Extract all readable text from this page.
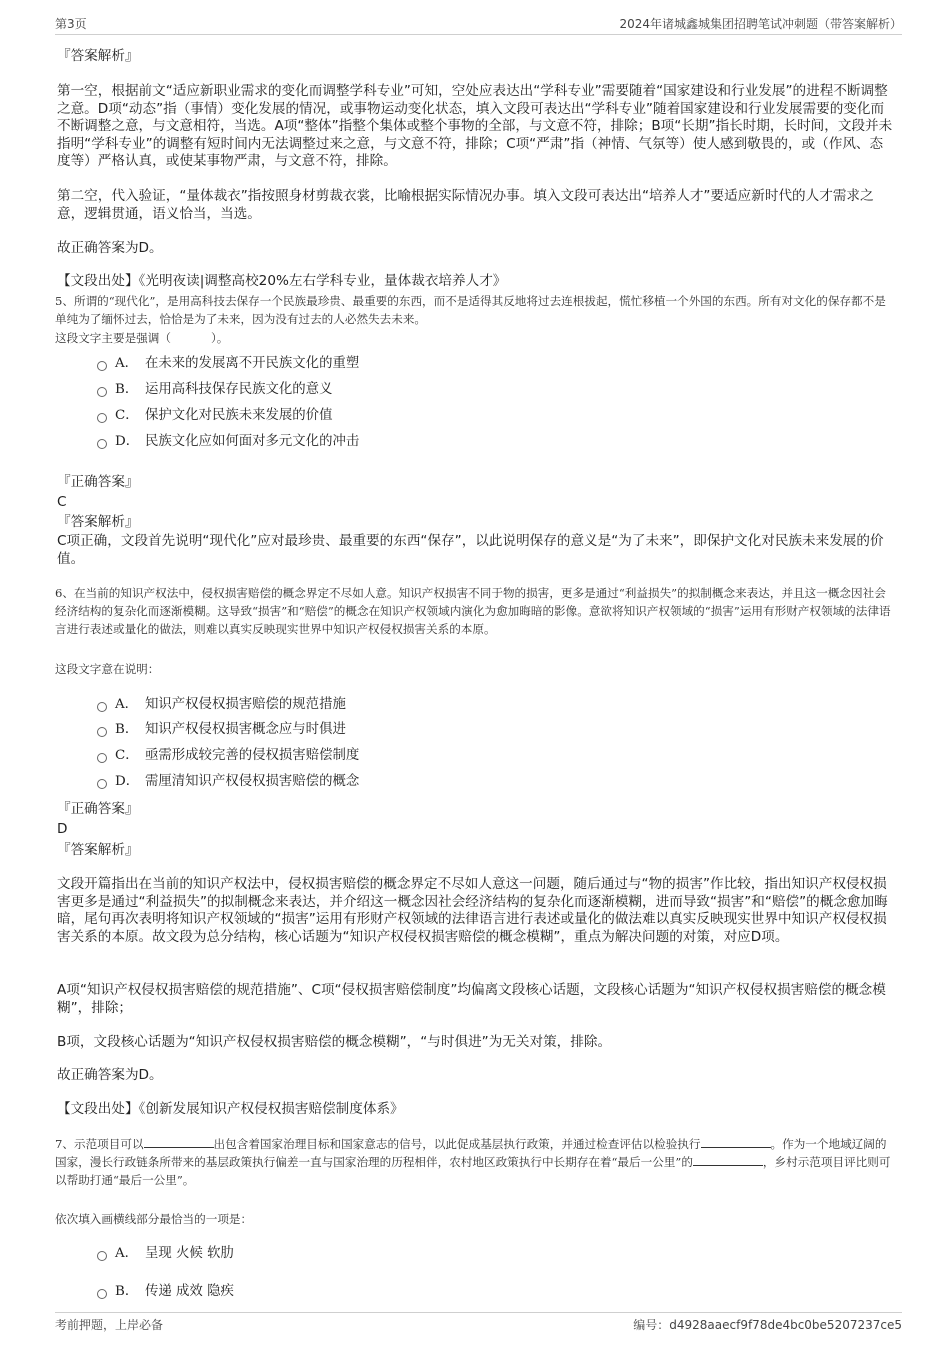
第3页	2024年诸城鑫城集团招聘笔试冲刺题（带答案解析）
『答案解析』
第一空，根据前文“适应新职业需求的变化而调整学科专业”可知，空处应表达出“学科专业”需要随着“国家建设和行业发展”的进程不断调整之意。D项“动态”指（事情）变化发展的情况，或事物运动变化状态，填入文段可表达出“学科专业”随着国家建设和行业发展需要的变化而不断调整之意，与文意相符，当选。A项“整体”指整个集体或整个事物的全部，与文意不符，排除；B项“长期”指长时期，长时间，文段并未指明“学科专业”的调整有短时间内无法调整过来之意，与文意不符，排除；C项“严肃”指（神情、气氛等）使人感到敬畏的，或（作风、态度等）严格认真，或使某事物严肃，与文意不符，排除。
第二空，代入验证，“量体裁衣”指按照身材剪裁衣裳，比喻根据实际情况办事。填入文段可表达出“培养人才”要适应新时代的人才需求之意，逻辑贯通，语义恰当，当选。
故正确答案为D。
【文段出处】《光明夜读|调整高校20%左右学科专业，量体裁衣培养人才》
5、所谓的“现代化”，是用高科技去保存一个民族最珍贵、最重要的东西，而不是适得其反地将过去连根拔起，慌忙移植一个外国的东西。所有对文化的保存都不是单纯为了缅怀过去，恰恰是为了未来，因为没有过去的人必然失去未来。
这段文字主要是强调（	）。
A． 在未来的发展离不开民族文化的重塑
B． 运用高科技保存民族文化的意义
C． 保护文化对民族未来发展的价值
D． 民族文化应如何面对多元文化的冲击
『正确答案』
C
『答案解析』
C项正确，文段首先说明“现代化”应对最珍贵、最重要的东西“保存”，以此说明保存的意义是“为了未来”，即保护文化对民族未来发展的价值。
6、在当前的知识产权法中，侵权损害赔偿的概念界定不尽如人意。知识产权损害不同于物的损害，更多是通过“利益损失”的拟制概念来表达，并且这一概念因社会经济结构的复杂化而逐渐模糊。这导致“损害”和“赔偿”的概念在知识产权领域内演化为愈加晦暗的影像。意欲将知识产权领域的“损害”运用有形财产权领域的法律语言进行表述或量化的做法，则难以真实反映现实世界中知识产权侵权损害关系的本原。
这段文字意在说明：
A． 知识产权侵权损害赔偿的规范措施
B． 知识产权侵权损害概念应与时俱进
C． 亟需形成较完善的侵权损害赔偿制度
D． 需厘清知识产权侵权损害赔偿的概念
『正确答案』
D
『答案解析』
文段开篇指出在当前的知识产权法中，侵权损害赔偿的概念界定不尽如人意这一问题，随后通过与“物的损害”作比较，指出知识产权侵权损害更多是通过“利益损失”的拟制概念来表达，并介绍这一概念因社会经济结构的复杂化而逐渐模糊，进而导致“损害”和“赔偿”的概念愈加晦暗，尾句再次表明将知识产权领域的“损害”运用有形财产权领域的法律语言进行表述或量化的做法难以真实反映现实世界中知识产权侵权损害关系的本原。故文段为总分结构，核心话题为“知识产权侵权损害赔偿的概念模糊”，重点为解决问题的对策，对应D项。
A项“知识产权侵权损害赔偿的规范措施”、C项“侵权损害赔偿制度”均偏离文段核心话题，文段核心话题为“知识产权侵权损害赔偿的概念模糊”，排除；
B项，文段核心话题为“知识产权侵权损害赔偿的概念模糊”，“与时俱进”为无关对策，排除。
故正确答案为D。
【文段出处】《创新发展知识产权侵权损害赔偿制度体系》
7、示范项目可以	出包含着国家治理目标和国家意志的信号，以此促成基层执行政策，并通过检查评估以检验执行	。作为一个地域辽阔的国家，漫长行政链条所带来的基层政策执行偏差一直与国家治理的历程相伴，农村地区政策执行中长期存在着“最后一公里”的	，乡村示范项目评比则可以帮助打通“最后一公里”。
依次填入画横线部分最恰当的一项是：
A． 呈现 火候 软肋
B． 传递 成效 隐疾
考前押题，上岸必备	编号：d4928aaecf9f78de4bc0be5207237ce5
